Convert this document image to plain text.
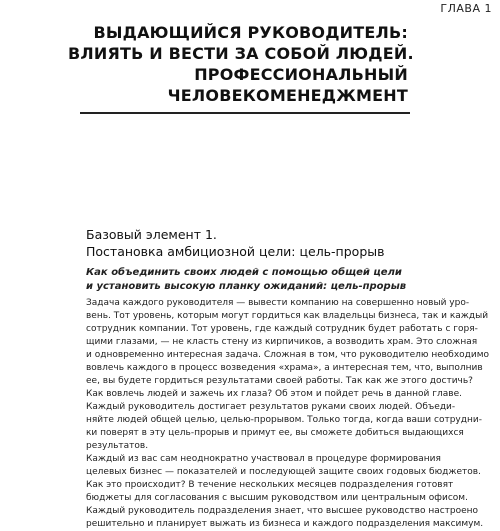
ГЛАВА 1
ВЫДАЮЩИЙСЯ РУКОВОДИТЕЛЬ:
ВЛИЯТЬ И ВЕСТИ ЗА СОБОЙ ЛЮДЕЙ.
ПРОФЕССИОНАЛЬНЫЙ
ЧЕЛОВЕКОМЕНЕДЖМЕНТ
Базовый элемент 1.
Постановка амбициозной цели: цель-прорыв
Как объединить своих людей с помощью общей цели
и установить высокую планку ожиданий: цель-прорыв
Задача каждого руководителя — вывести компанию на совершенно новый уро-
вень. Тот уровень, которым могут гордиться как владельцы бизнеса, так и каждый
сотрудник компании. Тот уровень, где каждый сотрудник будет работать с горя-
щими глазами, — не класть стену из кирпичиков, а возводить храм. Это сложная
и одновременно интересная задача. Сложная в том, что руководителю необходимо
вовлечь каждого в процесс возведения «храма», а интересная тем, что, выполнив
ее, вы будете гордиться результатами своей работы. Так как же этого достичь?
Как вовлечь людей и зажечь их глаза? Об этом и пойдет речь в данной главе.
Каждый руководитель достигает результатов руками своих людей. Объеди-
няйте людей общей целью, целью-прорывом. Только тогда, когда ваши сотрудни-
ки поверят в эту цель-прорыв и примут ее, вы сможете добиться выдающихся
результатов.
Каждый из вас сам неоднократно участвовал в процедуре формирования
целевых бизнес — показателей и последующей защите своих годовых бюджетов.
Как это происходит? В течение нескольких месяцев подразделения готовят
бюджеты для согласования с высшим руководством или центральным офисом.
Каждый руководитель подразделения знает, что высшее руководство настроено
решительно и планирует выжать из бизнеса и каждого подразделения максимум.
